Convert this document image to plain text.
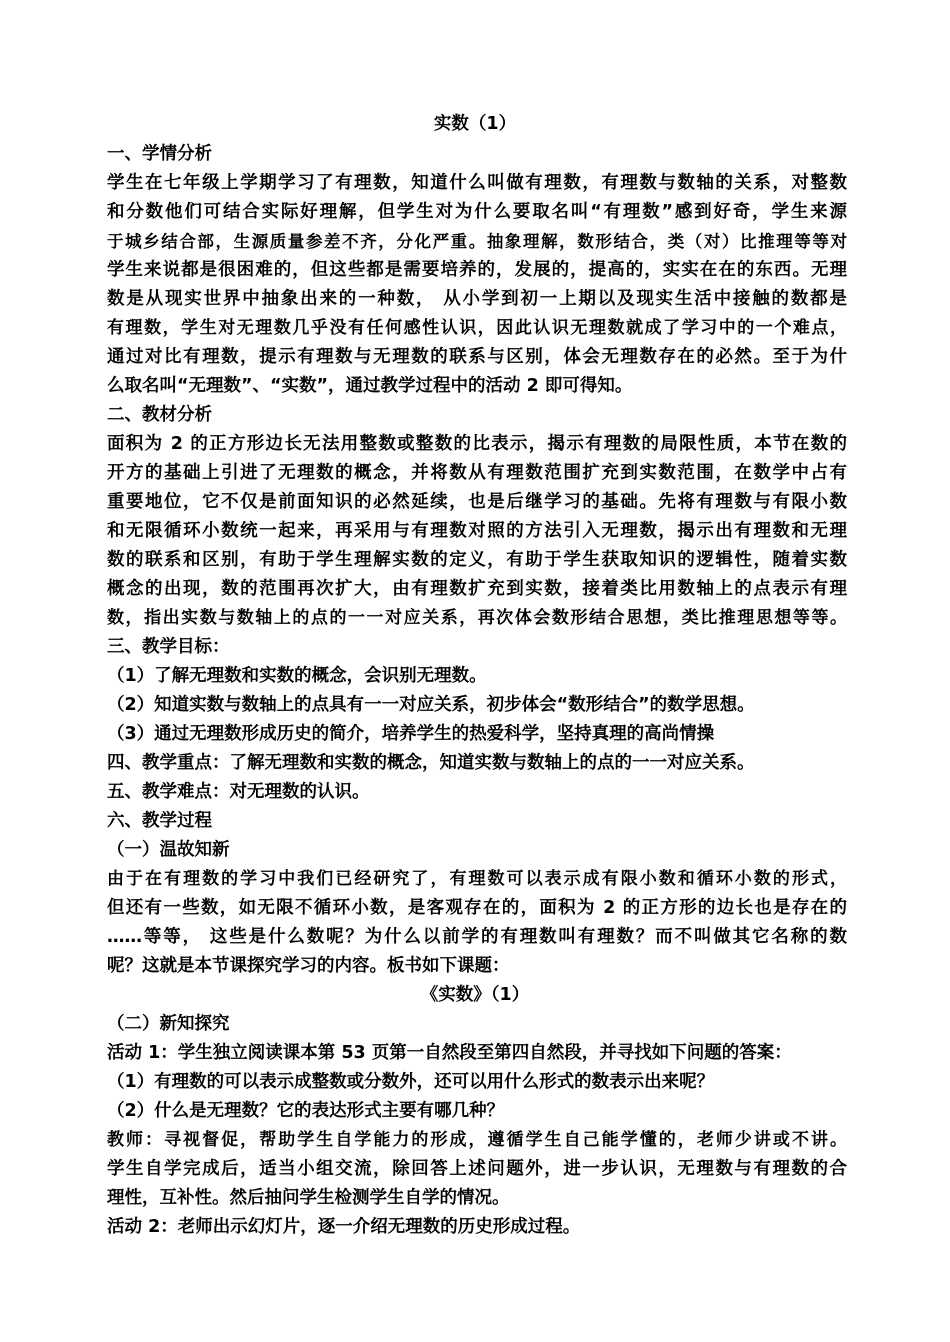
实数（1）
一、学情分析
学生在七年级上学期学习了有理数，知道什么叫做有理数，有理数与数轴的关系，对整数
和分数他们可结合实际好理解，但学生对为什么要取名叫“有理数”感到好奇，学生来源
于城乡结合部，生源质量参差不齐，分化严重。抽象理解，数形结合，类（对）比推理等等对
学生来说都是很困难的，但这些都是需要培养的，发展的，提高的，实实在在的东西。无理
数是从现实世界中抽象出来的一种数， 从小学到初一上期以及现实生活中接触的数都是
有理数，学生对无理数几乎没有任何感性认识，因此认识无理数就成了学习中的一个难点，
通过对比有理数，提示有理数与无理数的联系与区别，体会无理数存在的必然。至于为什
么取名叫“无理数”、“实数”，通过教学过程中的活动 2 即可得知。
二、教材分析
面积为 2 的正方形边长无法用整数或整数的比表示，揭示有理数的局限性质，本节在数的
开方的基础上引进了无理数的概念，并将数从有理数范围扩充到实数范围，在数学中占有
重要地位，它不仅是前面知识的必然延续，也是后继学习的基础。先将有理数与有限小数
和无限循环小数统一起来，再采用与有理数对照的方法引入无理数，揭示出有理数和无理
数的联系和区别，有助于学生理解实数的定义，有助于学生获取知识的逻辑性，随着实数
概念的出现，数的范围再次扩大，由有理数扩充到实数，接着类比用数轴上的点表示有理
数，指出实数与数轴上的点的一一对应关系，再次体会数形结合思想，类比推理思想等等。
三、教学目标：
（1）了解无理数和实数的概念，会识别无理数。
（2）知道实数与数轴上的点具有一一对应关系，初步体会“数形结合”的数学思想。
（3）通过无理数形成历史的简介，培养学生的热爱科学，坚持真理的高尚情操
四、教学重点：了解无理数和实数的概念，知道实数与数轴上的点的一一对应关系。
五、教学难点：对无理数的认识。
六、教学过程
（一）温故知新
由于在有理数的学习中我们已经研究了，有理数可以表示成有限小数和循环小数的形式，
但还有一些数，如无限不循环小数，是客观存在的，面积为 2 的正方形的边长也是存在的
……等等， 这些是什么数呢？为什么以前学的有理数叫有理数？而不叫做其它名称的数
呢？这就是本节课探究学习的内容。板书如下课题：
《实数》（1）
（二）新知探究
活动 1：学生独立阅读课本第 53 页第一自然段至第四自然段，并寻找如下问题的答案：
（1）有理数的可以表示成整数或分数外，还可以用什么形式的数表示出来呢？
（2）什么是无理数？它的表达形式主要有哪几种？
教师：寻视督促，帮助学生自学能力的形成，遵循学生自己能学懂的，老师少讲或不讲。
学生自学完成后，适当小组交流，除回答上述问题外，进一步认识，无理数与有理数的合
理性，互补性。然后抽问学生检测学生自学的情况。
活动 2：老师出示幻灯片，逐一介绍无理数的历史形成过程。
